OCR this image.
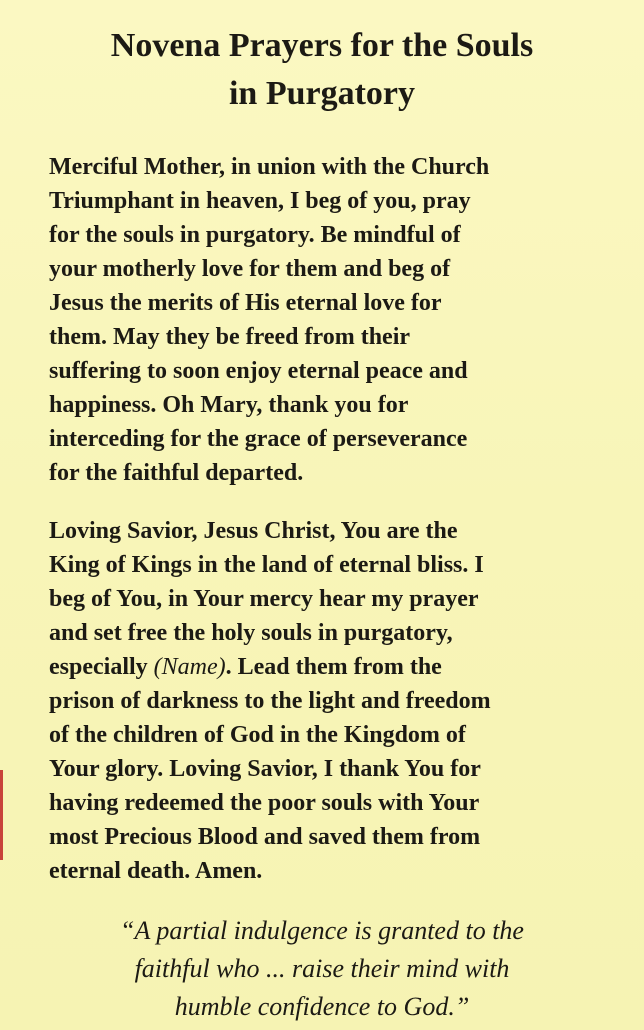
Novena Prayers for the Souls
in Purgatory

Merciful Mother, in union with the Church
Triumphant in heaven, I beg of you, pray
for the souls in purgatory. Be mindful of
your motherly love for them and beg of
Jesus the merits of His eternal love for
them. May they be freed from their
suffering to soon enjoy eternal peace and
happiness. Oh Mary, thank you for
interceding for the grace of perseverance
for the faithful departed.

Loving Savior, Jesus Christ, You are the
King of Kings in the land of eternal bliss. I
beg of You, in Your mercy hear my prayer
and set free the holy souls in purgatory,
especially (Name). Lead them from the
prison of darkness to the light and freedom
of the children of God in the Kingdom of
Your glory. Loving Savior, I thank You for
having redeemed the poor souls with Your
most Precious Blood and saved them from
eternal death. Amen.

“A partial indulgence is granted to the
faithful who ... raise their mind with
humble confidence to God.”
